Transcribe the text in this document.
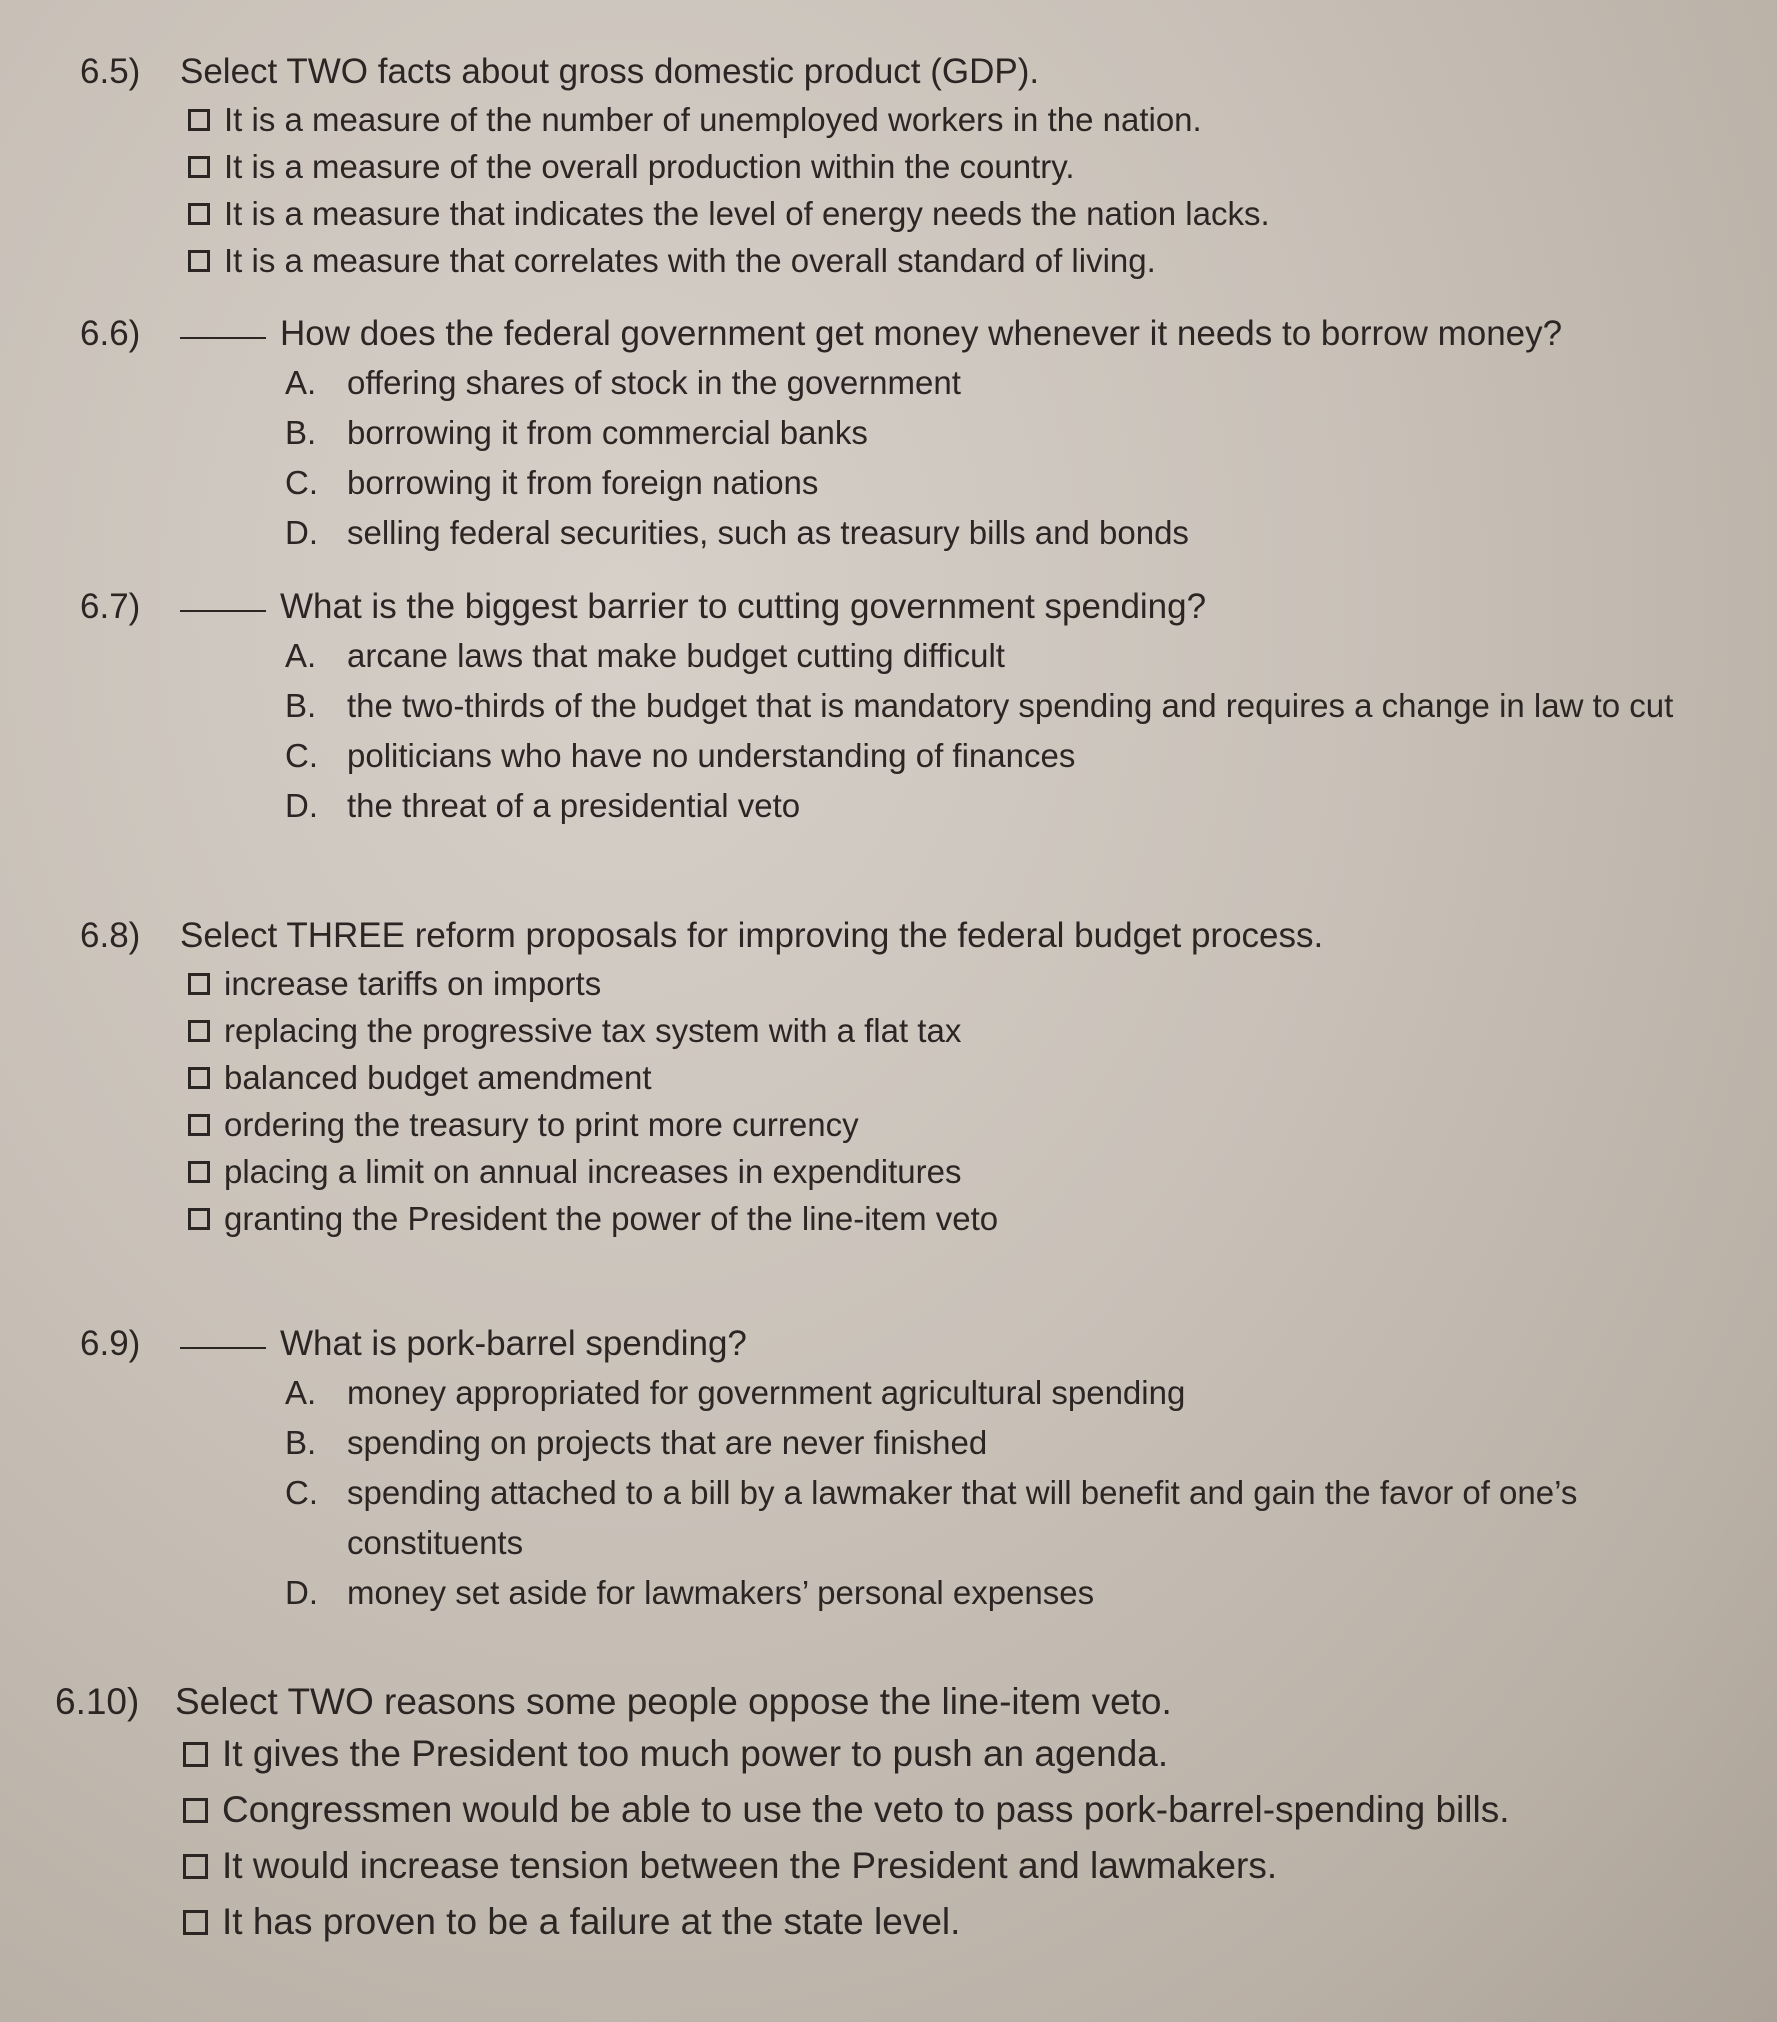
6.5)	Select TWO facts about gross domestic product (GDP).
It is a measure of the number of unemployed workers in the nation.
It is a measure of the overall production within the country.
It is a measure that indicates the level of energy needs the nation lacks.
It is a measure that correlates with the overall standard of living.
6.6)	How does the federal government get money whenever it needs to borrow money?
A. offering shares of stock in the government
B. borrowing it from commercial banks
C. borrowing it from foreign nations
D. selling federal securities, such as treasury bills and bonds
6.7)	What is the biggest barrier to cutting government spending?
A. arcane laws that make budget cutting difficult
B. the two-thirds of the budget that is mandatory spending and requires a change in law to cut
C. politicians who have no understanding of finances
D. the threat of a presidential veto
6.8)	Select THREE reform proposals for improving the federal budget process.
increase tariffs on imports
replacing the progressive tax system with a flat tax
balanced budget amendment
ordering the treasury to print more currency
placing a limit on annual increases in expenditures
granting the President the power of the line-item veto
6.9)	What is pork-barrel spending?
A. money appropriated for government agricultural spending
B. spending on projects that are never finished
C. spending attached to a bill by a lawmaker that will benefit and gain the favor of one’s constituents
D. money set aside for lawmakers’ personal expenses
6.10) Select TWO reasons some people oppose the line-item veto.
It gives the President too much power to push an agenda.
Congressmen would be able to use the veto to pass pork-barrel-spending bills.
It would increase tension between the President and lawmakers.
It has proven to be a failure at the state level.
